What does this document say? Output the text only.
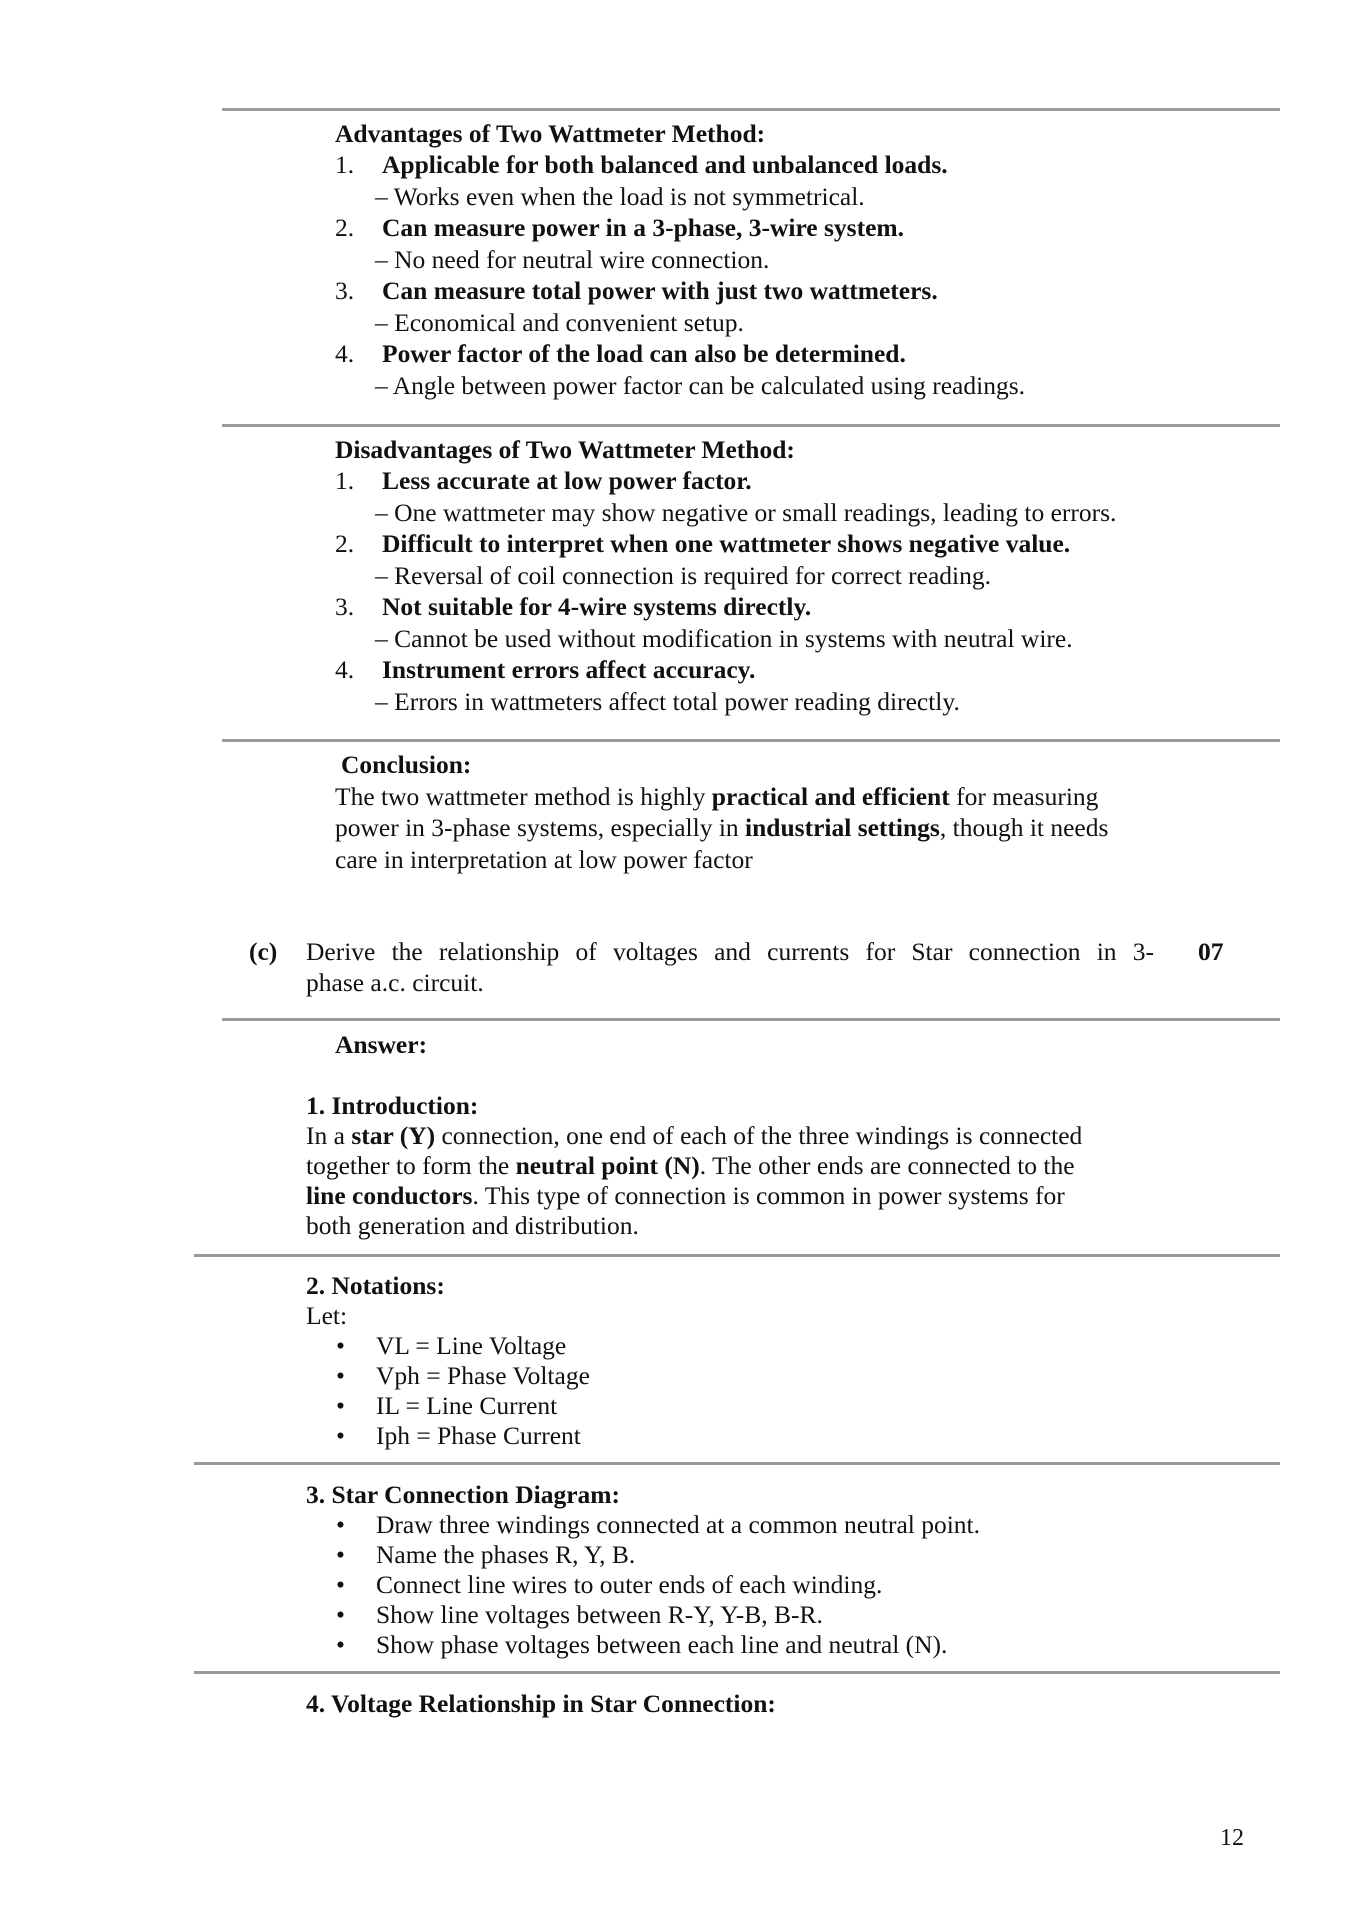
Advantages of Two Wattmeter Method:
1. Applicable for both balanced and unbalanced loads.
– Works even when the load is not symmetrical.
2. Can measure power in a 3-phase, 3-wire system.
– No need for neutral wire connection.
3. Can measure total power with just two wattmeters.
– Economical and convenient setup.
4. Power factor of the load can also be determined.
– Angle between power factor can be calculated using readings.
Disadvantages of Two Wattmeter Method:
1. Less accurate at low power factor.
– One wattmeter may show negative or small readings, leading to errors.
2. Difficult to interpret when one wattmeter shows negative value.
– Reversal of coil connection is required for correct reading.
3. Not suitable for 4-wire systems directly.
– Cannot be used without modification in systems with neutral wire.
4. Instrument errors affect accuracy.
– Errors in wattmeters affect total power reading directly.
Conclusion:
The two wattmeter method is highly practical and efficient for measuring
power in 3-phase systems, especially in industrial settings, though it needs
care in interpretation at low power factor
(c) Derive the relationship of voltages and currents for Star connection in 3-
phase a.c. circuit.
07
Answer:
1. Introduction:
In a star (Y) connection, one end of each of the three windings is connected
together to form the neutral point (N). The other ends are connected to the
line conductors. This type of connection is common in power systems for
both generation and distribution.
2. Notations:
Let:
• VL = Line Voltage
• Vph = Phase Voltage
• IL = Line Current
• Iph = Phase Current
3. Star Connection Diagram:
• Draw three windings connected at a common neutral point.
• Name the phases R, Y, B.
• Connect line wires to outer ends of each winding.
• Show line voltages between R-Y, Y-B, B-R.
• Show phase voltages between each line and neutral (N).
4. Voltage Relationship in Star Connection:
12
